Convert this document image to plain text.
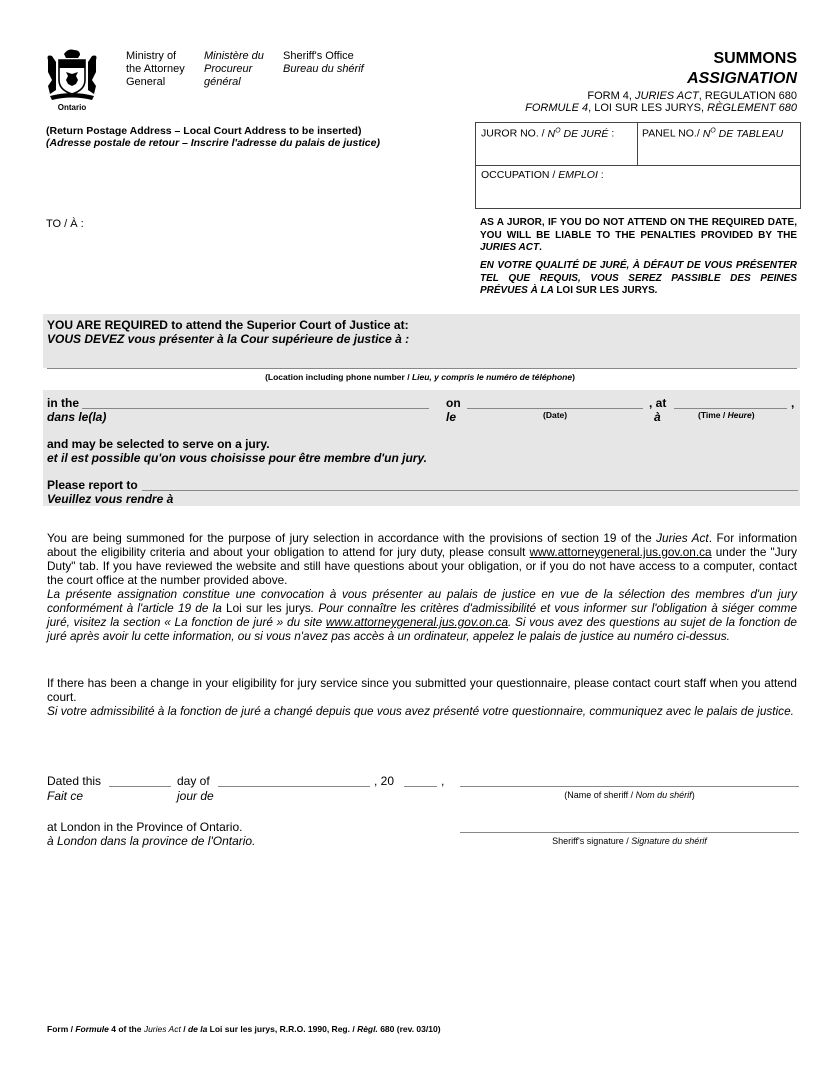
Ontario
Ministry of
the Attorney
General
Ministère du
Procureur
général
Sheriff's Office
Bureau du shérif
SUMMONS
ASSIGNATION
FORM 4, JURIES ACT, REGULATION 680
FORMULE 4, LOI SUR LES JURYS, RÈGLEMENT 680
(Return Postage Address – Local Court Address to be inserted)
(Adresse postale de retour – Inscrire l'adresse du palais de justice)
JUROR NO. / $N^O$ DE JURÉ :	PANEL NO./ $N^O$ DE TABLEAU
OCCUPATION / EMPLOI :
TO / À :	AS A JUROR, IF YOU DO NOT ATTEND ON THE REQUIRED DATE, YOU WILL BE LIABLE TO THE PENALTIES PROVIDED BY THE JURIES ACT.
EN VOTRE QUALITÉ DE JURÉ, À DÉFAUT DE VOUS PRÉSENTER TEL QUE REQUIS, VOUS SEREZ PASSIBLE DES PEINES PRÉVUES À LA LOI SUR LES JURYS.
YOU ARE REQUIRED to attend the Superior Court of Justice at:
VOUS DEVEZ vous présenter à la Cour supérieure de justice à :
(Location including phone number / Lieu, y compris le numéro de téléphone)
in the
dans le(la)
on
le	(Date)
, at
à
,
(Time / Heure)
and may be selected to serve on a jury.
et il est possible qu'on vous choisisse pour être membre d'un jury.
Please report to
Veuillez vous rendre à
You are being summoned for the purpose of jury selection in accordance with the provisions of section 19 of the Juries Act. For information about the eligibility criteria and about your obligation to attend for jury duty, please consult www.attorneygeneral.jus.gov.on.ca under the "Jury Duty" tab. If you have reviewed the website and still have questions about your obligation, or if you do not have access to a computer, contact the court office at the number provided above.
La présente assignation constitue une convocation à vous présenter au palais de justice en vue de la sélection des membres d'un jury conformément à l'article 19 de la Loi sur les jurys. Pour connaître les critères d'admissibilité et vous informer sur l'obligation à siéger comme juré, visitez la section « La fonction de juré » du site www.attorneygeneral.jus.gov.on.ca. Si vous avez des questions au sujet de la fonction de juré après avoir lu cette information, ou si vous n'avez pas accès à un ordinateur, appelez le palais de justice au numéro ci-dessus.
If there has been a change in your eligibility for jury service since you submitted your questionnaire, please contact court staff when you attend court.
Si votre admissibilité à la fonction de juré a changé depuis que vous avez présenté votre questionnaire, communiquez avec le palais de justice.
Dated this
Fait ce
day of
jour de
, 20	,
(Name of sheriff / Nom du shérif)
at London in the Province of Ontario.
à London dans la province de l'Ontario.	Sheriff's signature / Signature du shérif
Form / Formule 4 of the Juries Act / de la Loi sur les jurys, R.R.O. 1990, Reg. / Règl. 680 (rev. 03/10)
